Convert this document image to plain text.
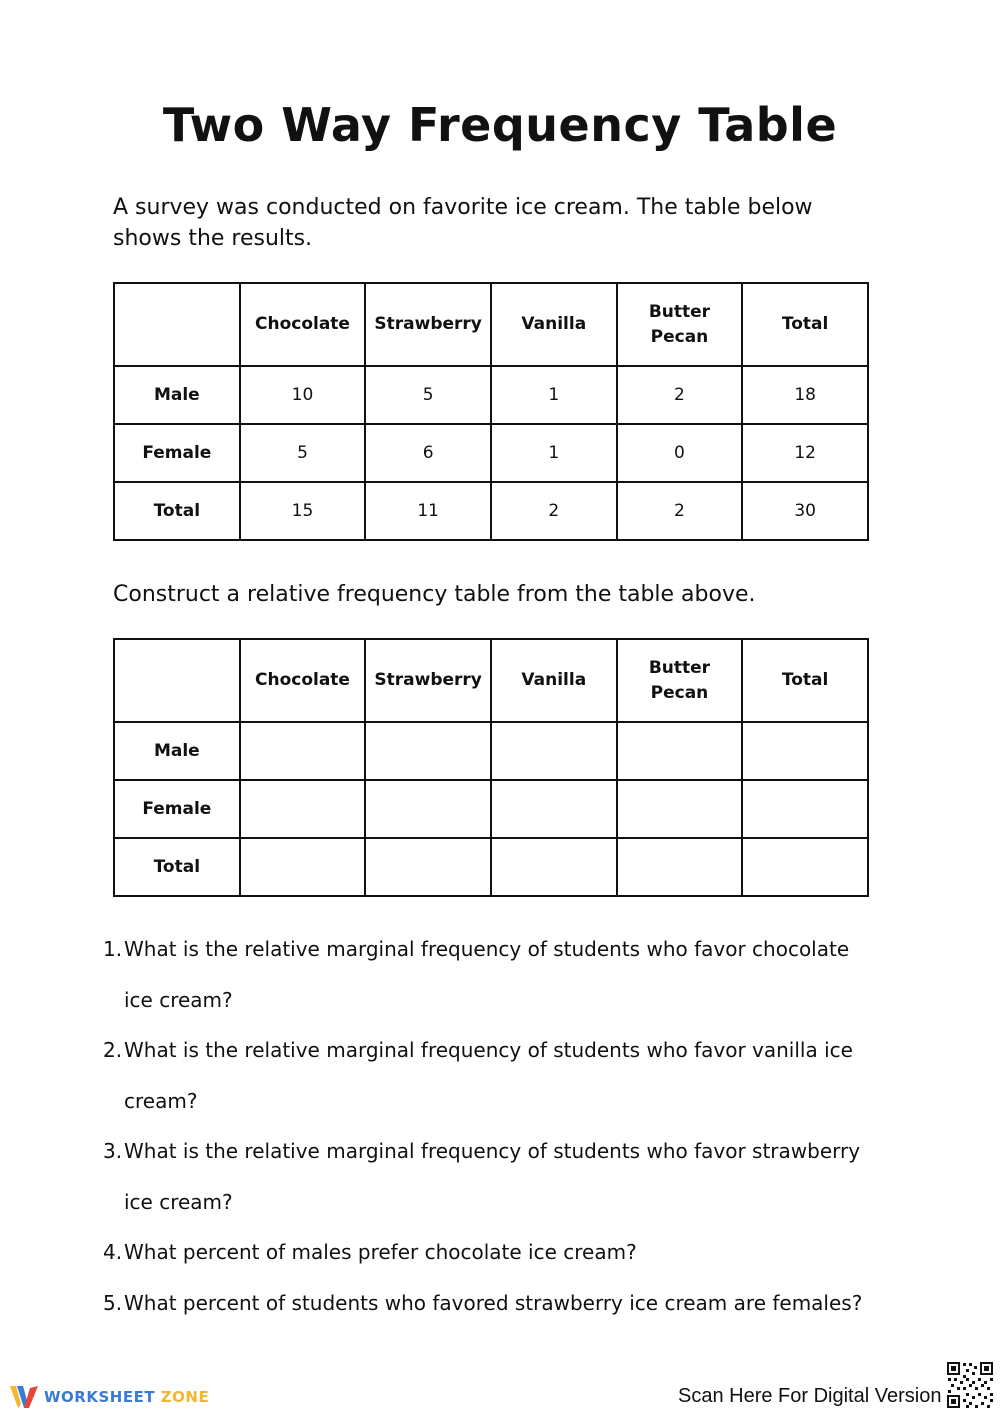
Two Way Frequency Table

A survey was conducted on favorite ice cream. The table below shows the results.

	Chocolate	Strawberry	Vanilla	Butter Pecan	Total
Male	10	5	1	2	18
Female	5	6	1	0	12
Total	15	11	2	2	30

Construct a relative frequency table from the table above.

	Chocolate	Strawberry	Vanilla	Butter Pecan	Total
Male					
Female					
Total					
1. What is the relative marginal frequency of students who favor chocolate ice cream?
2. What is the relative marginal frequency of students who favor vanilla ice cream?
3. What is the relative marginal frequency of students who favor strawberry ice cream?
4. What percent of males prefer chocolate ice cream?
5. What percent of students who favored strawberry ice cream are females?
WORKSHEET ZONE	Scan Here For Digital Version
